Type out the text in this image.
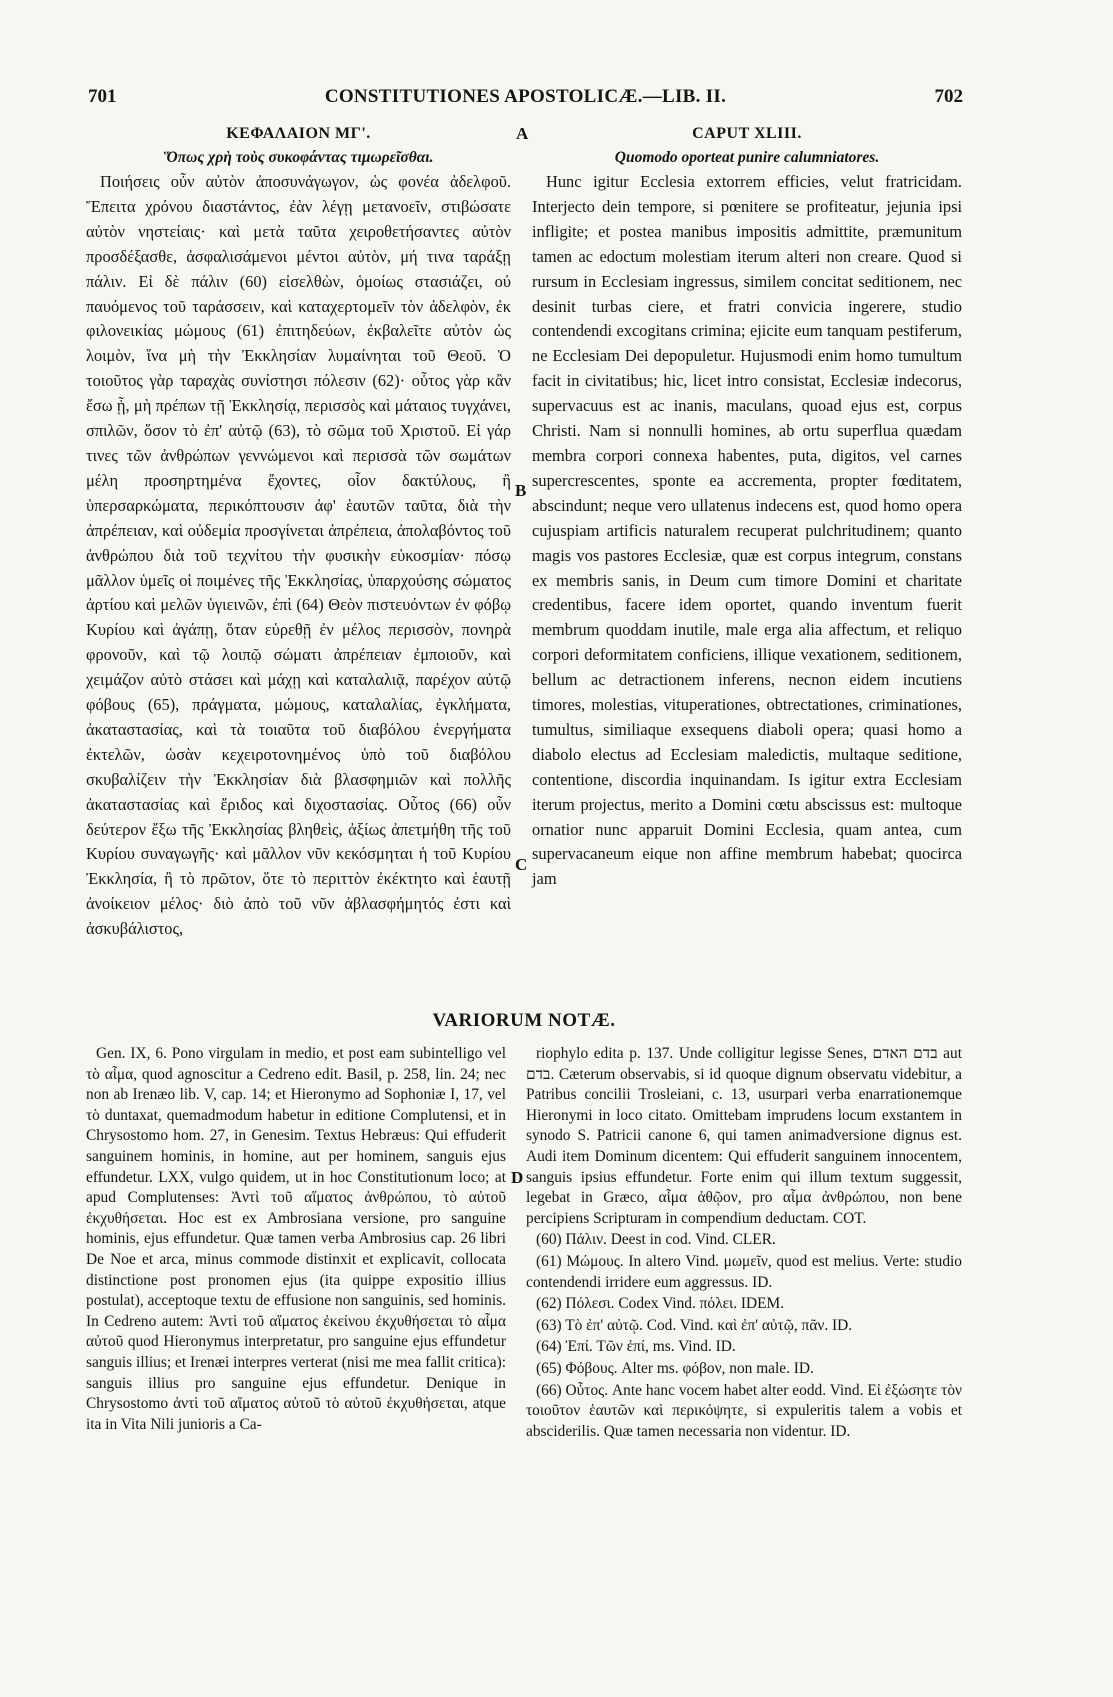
701	CONSTITUTIONES APOSTOLICÆ.—LIB. II.	702
ΚΕΦΑΛΑΙΟΝ ΜΓ'.
Ὅπως χρὴ τοὺς συκοφάντας τιμωρεῖσθαι.

Ποιήσεις οὖν αὐτὸν ἀποσυνάγωγον, ὡς φονέα ἀδελφοῦ. Ἔπειτα χρόνου διαστάντος, ἐὰν λέγῃ μετανοεῖν, στιβώσατε αὐτὸν νηστείαις· καὶ μετὰ ταῦτα χειροθετήσαντες αὐτὸν προσδέξασθε, ἀσφαλισάμενοι μέντοι αὐτὸν, μή τινα ταράξῃ πάλιν. Εἰ δὲ πάλιν (60) εἰσελθὼν, ὁμοίως στασιάζει, οὐ παυόμενος τοῦ ταράσσειν, καὶ καταχερτομεῖν τὸν ἀδελφὸν, ἐκ φιλονεικίας μώμους (61) ἐπιτηδεύων, ἐκβαλεῖτε αὐτὸν ὡς λοιμὸν, ἵνα μὴ τὴν Ἐκκλησίαν λυμαίνηται τοῦ Θεοῦ. Ὁ τοιοῦτος γὰρ ταραχὰς συνίστησι πόλεσιν (62)· οὗτος γὰρ κἂν ἔσω ᾖ, μὴ πρέπων τῇ Ἐκκλησίᾳ, περισσὸς καὶ μάταιος τυγχάνει, σπιλῶν, ὅσον τὸ ἐπ' αὐτῷ (63), τὸ σῶμα τοῦ Χριστοῦ. Εἰ γάρ τινες τῶν ἀνθρώπων γεννώμενοι καὶ περισσὰ τῶν σωμάτων μέλη προσηρτημένα ἔχοντες, οἷον δακτύλους, ἢ ὑπερσαρκώματα, περικόπτουσιν ἀφ' ἑαυτῶν ταῦτα, διὰ τὴν ἀπρέπειαν, καὶ οὐδεμία προσγίνεται ἀπρέπεια, ἀπολαβόντος τοῦ ἀνθρώπου διὰ τοῦ τεχνίτου τὴν φυσικὴν εὐκοσμίαν· πόσῳ μᾶλλον ὑμεῖς οἱ ποιμένες τῆς Ἐκκλησίας, ὑπαρχούσης σώματος ἀρτίου καὶ μελῶν ὑγιεινῶν, ἐπὶ (64) Θεὸν πιστευόντων ἐν φόβῳ Κυρίου καὶ ἀγάπῃ, ὅταν εὑρεθῇ ἐν μέλος περισσὸν, πονηρὰ φρονοῦν, καὶ τῷ λοιπῷ σώματι ἀπρέπειαν ἐμποιοῦν, καὶ χειμάζον αὐτὸ στάσει καὶ μάχῃ καὶ καταλαλιᾷ, παρέχον αὐτῷ φόβους (65), πράγματα, μώμους, καταλαλίας, ἐγκλήματα, ἀκαταστασίας, καὶ τὰ τοιαῦτα τοῦ διαβόλου ἐνεργήματα ἐκτελῶν, ὡσὰν κεχειροτονημένος ὑπὸ τοῦ διαβόλου σκυβαλίζειν τὴν Ἐκκλησίαν διὰ βλασφημιῶν καὶ πολλῆς ἀκαταστασίας καὶ ἔριδος καὶ διχοστασίας. Οὗτος (66) οὖν δεύτερον ἔξω τῆς Ἐκκλησίας βληθεὶς, ἀξίως ἀπετμήθη τῆς τοῦ Κυρίου συναγωγῆς· καὶ μᾶλλον νῦν κεκόσμηται ἡ τοῦ Κυρίου Ἐκκλησία, ἢ τὸ πρῶτον, ὅτε τὸ περιττὸν ἐκέκτητο καὶ ἑαυτῇ ἀνοίκειον μέλος· διὸ ἀπὸ τοῦ νῦν ἀβλασφήμητός ἐστι καὶ ἀσκυβάλιστος,

CAPUT XLIII.
Quomodo oporteat punire calumniatores.

Hunc igitur Ecclesia extorrem efficies, velut fratricidam. Interjecto dein tempore, si pœnitere se profiteatur, jejunia ipsi infligite; et postea manibus impositis admittite, præmunitum tamen ac edoctum molestiam iterum alteri non creare. Quod si rursum in Ecclesiam ingressus, similem concitat seditionem, nec desinit turbas ciere, et fratri convicia ingerere, studio contendendi excogitans crimina; ejicite eum tanquam pestiferum, ne Ecclesiam Dei depopuletur. Hujusmodi enim homo tumultum facit in civitatibus; hic, licet intro consistat, Ecclesiæ indecorus, supervacuus est ac inanis, maculans, quoad ejus est, corpus Christi. Nam si nonnulli homines, ab ortu superflua quædam membra corpori connexa habentes, puta, digitos, vel carnes supercrescentes, sponte ea accrementa, propter fœditatem, abscindunt; neque vero ullatenus indecens est, quod homo opera cujuspiam artificis naturalem recuperat pulchritudinem; quanto magis vos pastores Ecclesiæ, quæ est corpus integrum, constans ex membris sanis, in Deum cum timore Domini et charitate credentibus, facere idem oportet, quando inventum fuerit membrum quoddam inutile, male erga alia affectum, et reliquo corpori deformitatem conficiens, illique vexationem, seditionem, bellum ac detractionem inferens, necnon eidem incutiens timores, molestias, vituperationes, obtrectationes, criminationes, tumultus, similiaque exsequens diaboli opera; quasi homo a diabolo electus ad Ecclesiam maledictis, multaque seditione, contentione, discordia inquinandam. Is igitur extra Ecclesiam iterum projectus, merito a Domini cœtu abscissus est: multoque ornatior nunc apparuit Domini Ecclesia, quam antea, cum supervacaneum eique non affine membrum habebat; quocirca jam

A
B
C
D
VARIORUM NOTÆ.

Gen. IX, 6. Pono virgulam in medio, et post eam subintelligo vel τὸ αἷμα, quod agnoscitur a Cedreno edit. Basil, p. 258, lin. 24; nec non ab Irenæo lib. V, cap. 14; et Hieronymo ad Sophoniæ I, 17, vel τὸ duntaxat, quemadmodum habetur in editione Complutensi, et in Chrysostomo hom. 27, in Genesim. Textus Hebræus: Qui effuderit sanguinem hominis, in homine, aut per hominem, sanguis ejus effundetur. LXX, vulgo quidem, ut in hoc Constitutionum loco; at apud Complutenses: Ἀντὶ τοῦ αἵματος ἀνθρώπου, τὸ αὐτοῦ ἐκχυθήσεται. Hoc est ex Ambrosiana versione, pro sanguine hominis, ejus effundetur. Quæ tamen verba Ambrosius cap. 26 libri De Noe et arca, minus commode distinxit et explicavit, collocata distinctione post pronomen ejus (ita quippe expositio illius postulat), acceptoque textu de effusione non sanguinis, sed hominis. In Cedreno autem: Ἀντὶ τοῦ αἵματος ἐκείνου ἐκχυθήσεται τὸ αἷμα αὐτοῦ quod Hieronymus interpretatur, pro sanguine ejus effundetur sanguis illius; et Irenæi interpres verterat (nisi me mea fallit critica): sanguis illius pro sanguine ejus effundetur. Denique in Chrysostomo ἀντὶ τοῦ αἵματος αὐτοῦ τὸ αὐτοῦ ἐκχυθήσεται, atque ita in Vita Nili junioris a Ca-

riophylo edita p. 137. Unde colligitur legisse Senes, בדם האדם aut בדם. Cæterum observabis, si id quoque dignum observatu videbitur, a Patribus concilii Trosleiani, c. 13, usurpari verba enarrationemque Hieronymi in loco citato. Omittebam imprudens locum exstantem in synodo S. Patricii canone 6, qui tamen animadversione dignus est. Audi item Dominum dicentem: Qui effuderit sanguinem innocentem, sanguis ipsius effundetur. Forte enim qui illum textum suggessit, legebat in Græco, αἷμα ἀθῷον, pro αἷμα ἀνθρώπου, non bene percipiens Scripturam in compendium deductam. COT.

(60) Πάλιν. Deest in cod. Vind. CLER.

(61) Μώμους. In altero Vind. μωμεῖν, quod est melius. Verte: studio contendendi irridere eum aggressus. ID.

(62) Πόλεσι. Codex Vind. πόλει. IDEM.

(63) Τὸ ἐπ' αὐτῷ. Cod. Vind. καὶ ἐπ' αὐτῷ, πᾶν. ID.

(64) Ἐπί. Τῶν ἐπί, ms. Vind. ID.

(65) Φόβους. Alter ms. φόβον, non male. ID.

(66) Οὗτος. Ante hanc vocem habet alter eodd. Vind. Εἰ ἐξώσητε τὸν τοιοῦτον ἑαυτῶν καὶ περικόψητε, si expuleritis talem a vobis et absciderilis. Quæ tamen necessaria non videntur. ID.
